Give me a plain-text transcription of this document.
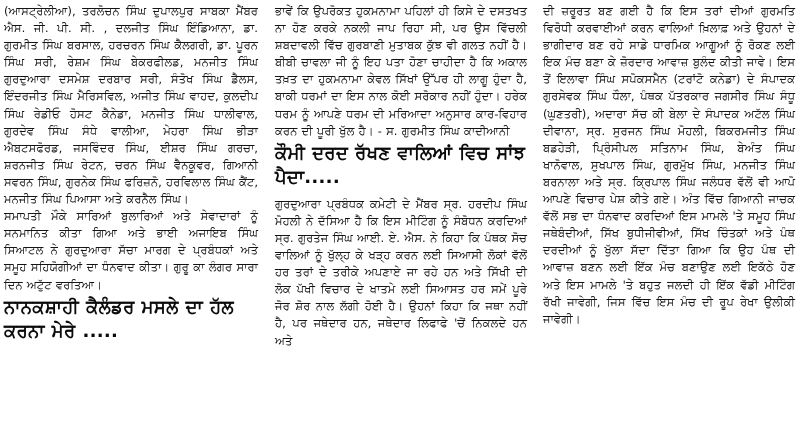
(ਆਸਟ੍ਰੇਲੀਆ), ਤਰਲੋਚਨ ਸਿੰਘ ਦੁਪਾਲਪੁਰ ਸਾਬਕਾ ਮੈਂਬਰ ਐਸ. ਜੀ. ਪੀ. ਸੀ. , ਦਲਜੀਤ ਸਿੰਘ ਇੰਡਿਆਨਾ, ਡਾ. ਗੁਰਮੀਤ ਸਿੰਘ ਬਰਸਾਲ, ਹਰਚਰਨ ਸਿੰਘ ਕੈਲਗਰੀ, ਡਾ. ਪੂਰਨ ਸਿੰਘ ਸਰੀ, ਰੇਸ਼ਮ ਸਿੰਘ ਬੇਕਰਫੀਲਡ, ਮਨਜੀਤ ਸਿੰਘ ਗੁਰਦੁਆਰਾ ਦਸਮੇਸ਼ ਦਰਬਾਰ ਸਰੀ, ਸੰਤੋਖ ਸਿੰਘ ਡੈਲਸ, ਇੰਦਰਜੀਤ ਸਿੰਘ ਮੈਰਿਸਵਿਲ, ਅਜੀਤ ਸਿੰਘ ਵਾਹਦ, ਕੁਲਦੀਪ ਸਿੰਘ ਰੇਡੀਓ ਹੋਸਟ ਕੈਨੇਡਾ, ਮਨਜੀਤ ਸਿੰਘ ਧਾਲੀਵਾਲ, ਗੁਰਦੇਵ ਸਿੰਘ ਸੰਧੇ ਵਾਲੀਆ, ਮੇਹਰਾ ਸਿੰਘ ਭੀੜਾ ਐਬਟਸਫੋਰਡ, ਜਸਵਿੰਦਰ ਸਿੰਘ, ਈਸ਼ਰ ਸਿੰਘ ਗਰਚਾ, ਸ਼ਰਨਜੀਤ ਸਿੰਘ ਰੇਟਨ, ਚਰਨ ਸਿੰਘ ਵੈਨਕੂਵਰ, ਗਿਆਨੀ ਸਵਰਨ ਸਿੰਘ, ਗੁਰਨੇਕ ਸਿੰਘ ਫਰਿਜ਼ਨੋ, ਹਰਵਿਲਾਲ ਸਿੰਘ ਕੈਂਟ, ਮਨਜੀਤ ਸਿੰਘ ਪਿਆਸਾ ਅਤੇ ਕਰਨੈਲ ਸਿੰਘ।

ਸਮਾਪਤੀ ਮੌਕੇ ਸਾਰਿਆਂ ਬੁਲਾਰਿਆਂ ਅਤੇ ਸੇਵਾਦਾਰਾਂ ਨੂੰ ਸਨਮਾਨਿਤ ਕੀਤਾ ਗਿਆ ਅਤੇ ਭਾਈ ਅਜਾਇਬ ਸਿੰਘ ਸਿਆਟਲ ਨੇ ਗੁਰਦੁਆਰਾ ਸੱਚਾ ਮਾਰਗ ਦੇ ਪ੍ਰਬੰਧਕਾਂ ਅਤੇ ਸਮੂਹ ਸਹਿਯੋਗੀਆਂ ਦਾ ਧੰਨਵਾਦ ਕੀਤਾ। ਗੁਰੂ ਕਾ ਲੰਗਰ ਸਾਰਾ ਦਿਨ ਅਟੁੱਟ ਵਰਤਿਆ।

ਨਾਨਕਸ਼ਾਹੀ ਕੈਲੰਡਰ ਮਸਲੇ ਦਾ ਹੱਲ ਕਰਨਾ ਮੇਰੇ .....

ਭਾਵੇਂ ਕਿ ਉਪਰੋਕਤ ਹੁਕਮਨਾਮਾ ਪਹਿਲਾਂ ਹੀ ਕਿਸੇ ਦੇ ਦਸਤਖਤ ਨਾ ਹੋਣ ਕਰਕੇ ਨਕਲੀ ਜਾਪ ਰਿਹਾ ਸੀ, ਪਰ ਉਸ ਵਿੱਚਲੀ ਸ਼ਬਦਾਵਲੀ ਵਿੱਚ ਗੁਰਬਾਣੀ ਮੁਤਾਬਕ ਕੁੱਝ ਵੀ ਗਲਤ ਨਹੀਂ ਹੈ। ਬੀਬੀ ਚਾਵਲਾ ਜੀ ਨੂੰ ਇਹ ਪਤਾ ਹੋਣਾ ਚਾਹੀਦਾ ਹੈ ਕਿ ਅਕਾਲ ਤਖ਼ਤ ਦਾ ਹੁਕਮਨਾਮਾ ਕੇਵਲ ਸਿੱਖਾਂ ਉੱਪਰ ਹੀ ਲਾਗੂ ਹੁੰਦਾ ਹੈ, ਬਾਕੀ ਧਰਮਾਂ ਦਾ ਇਸ ਨਾਲ ਕੋਈ ਸਰੋਕਾਰ ਨਹੀਂ ਹੁੰਦਾ। ਹਰੇਕ ਧਰਮ ਨੂੰ ਆਪਣੇ ਧਰਮ ਦੀ ਮਰਿਆਦਾ ਅਨੁਸਾਰ ਕਾਰ-ਵਿਹਾਰ ਕਰਨ ਦੀ ਪੂਰੀ ਖੁੱਲ ਹੈ। - ਸ. ਗੁਰਮੀਤ ਸਿੰਘ ਕਾਦੀਆਨੀ

ਕੌਮੀ ਦਰਦ ਰੱਖਣ ਵਾਲਿਆਂ ਵਿਚ ਸਾਂਝ ਪੈਦਾ.....

ਗੁਰਦੁਆਰਾ ਪ੍ਰਬੰਧਕ ਕਮੇਟੀ ਦੇ ਮੈਂਬਰ ਸ੍ਰ. ਹਰਦੀਪ ਸਿੰਘ ਮੋਹਲੀ ਨੇ ਦੱਸਿਆ ਹੈ ਕਿ ਇਸ ਮੀਟਿੰਗ ਨੂੰ ਸੰਬੋਧਨ ਕਰਦਿਆਂ ਸ੍ਰ. ਗੁਰਤੇਜ ਸਿੰਘ ਆਈ. ਏ. ਐਸ. ਨੇ ਕਿਹਾ ਕਿ ਪੰਥਕ ਸੋਚ ਵਾਲਿਆਂ ਨੂੰ ਖੁੱਲ੍ਹ ਕੇ ਖੜ੍ਹ ਕਰਨ ਲਈ ਸਿਆਸੀ ਲੋਕਾਂ ਵੱਲੋਂ ਹਰ ਤਰਾਂ ਦੇ ਤਰੀਕੇ ਅਪਣਾਏ ਜਾ ਰਹੇ ਹਨ ਅਤੇ ਸਿੱਖੀ ਦੀ ਲੋਕ ਪੱਖੀ ਵਿਚਾਰ ਦੇ ਖਾਤਮੇ ਲਈ ਸਿਆਸਤ ਹਰ ਸਮੇਂ ਪੂਰੇ ਜੋਰ ਸ਼ੋਰ ਨਾਲ ਲੱਗੀ ਹੋਈ ਹੈ। ਉਹਨਾਂ ਕਿਹਾ ਕਿ ਜਥਾ ਨਹੀਂ ਹੈ, ਪਰ ਜਥੇਦਾਰ ਹਨ, ਜਥੇਦਾਰ ਲਿਫਾਫੇ 'ਚੋਂ ਨਿਕਲਦੇ ਹਨ ਅਤੇ

ਦੀ ਜ਼ਰੂਰਤ ਬਣ ਗਈ ਹੈ ਕਿ ਇਸ ਤਰਾਂ ਦੀਆਂ ਗੁਰਮਤਿ ਵਿਰੋਧੀ ਕਰਵਾਈਆਂ ਕਰਨ ਵਾਲਿਆਂ ਖ਼ਿਲਾਫ਼ ਅਤੇ ਉਹਨਾਂ ਦੇ ਭਾਗੀਦਾਰ ਬਣ ਰਹੇ ਸਾਡੇ ਧਾਰਮਿਕ ਆਗੂਆਂ ਨੂੰ ਰੋਕਣ ਲਈ ਇਕ ਮੰਚ ਬਣਾ ਕੇ ਜ਼ੋਰਦਾਰ ਆਵਾਜ਼ ਬੁਲੰਦ ਕੀਤੀ ਜਾਵੇ। ਇਸ ਤੋਂ ਇਲਾਵਾ ਸਿੰਘ ਸਪੋਕਸਮੈਨ (ਟਰਾਂਟੋ ਕਨੇਡਾ) ਦੇ ਸੰਪਾਦਕ ਗੁਰਸੇਵਕ ਸਿੰਘ ਧੌਲਾ, ਪੰਥਕ ਪੱਤਰਕਾਰ ਜਗਸੀਰ ਸਿੰਘ ਸੰਧੂ (ਘੁਣਤਰੀ), ਅਦਾਰਾ ਸੱਚ ਕੀ ਬੇਲਾ ਦੇ ਸੰਪਾਦਕ ਅਟੱਲ ਸਿੰਘ ਦੀਵਾਨਾ, ਸ੍ਰ. ਸੁਰਜਨ ਸਿੰਘ ਮੋਹਲੀ, ਬਿਕਰਮਜੀਤ ਸਿੰਘ ਬਡਹੇੜੀ, ਪ੍ਰਿੰਸੀਪਲ ਸਤਿਨਾਮ ਸਿੰਘ, ਬੇਅੰਤ ਸਿੰਘ ਖਾਨੋਵਾਲ, ਸੁਖਪਾਲ ਸਿੰਘ, ਗੁਰਮੁੱਖ ਸਿੰਘ, ਮਨਜੀਤ ਸਿੰਘ ਬਰਨਾਲਾ ਅਤੇ ਸ੍ਰ. ਕ੍ਰਿਪਾਲ ਸਿੰਘ ਜਲੰਧਰ ਵੱਲੋਂ ਵੀ ਆਪੋ ਆਪਣੇ ਵਿਚਾਰ ਪੇਸ਼ ਕੀਤੇ ਗਏ। ਅੰਤ ਵਿੱਚ ਗਿਆਨੀ ਜਾਚਕ ਵੱਲੋਂ ਸਭ ਦਾ ਧੰਨਵਾਦ ਕਰਦਿਆਂ ਇਸ ਮਾਮਲੇ 'ਤੇ ਸਮੂਹ ਸਿੰਘ ਜਥੇਬੰਦੀਆਂ, ਸਿੱਖ ਬੁਧੀਜੀਵੀਆਂ, ਸਿੱਖ ਚਿੰਤਕਾਂ ਅਤੇ ਪੰਥ ਦਰਦੀਆਂ ਨੂੰ ਖੁੱਲਾ ਸੱਦਾ ਦਿੱਤਾ ਗਿਆ ਕਿ ਉਹ ਪੰਥ ਦੀ ਆਵਾਜ਼ ਬਣਨ ਲਈ ਇੱਕ ਮੰਚ ਬਣਾਉਣ ਲਈ ਇਕੱਠੇ ਹੋਣ ਅਤੇ ਇਸ ਮਾਮਲੇ 'ਤੇ ਬਹੁਤ ਜਲਦੀ ਹੀ ਇੱਕ ਵੱਡੀ ਮੀਟਿੰਗ ਰੱਖੀ ਜਾਵੇਗੀ, ਜਿਸ ਵਿੱਚ ਇਸ ਮੰਚ ਦੀ ਰੂਪ ਰੇਖਾ ਉਲੀਕੀ ਜਾਵੇਗੀ।
